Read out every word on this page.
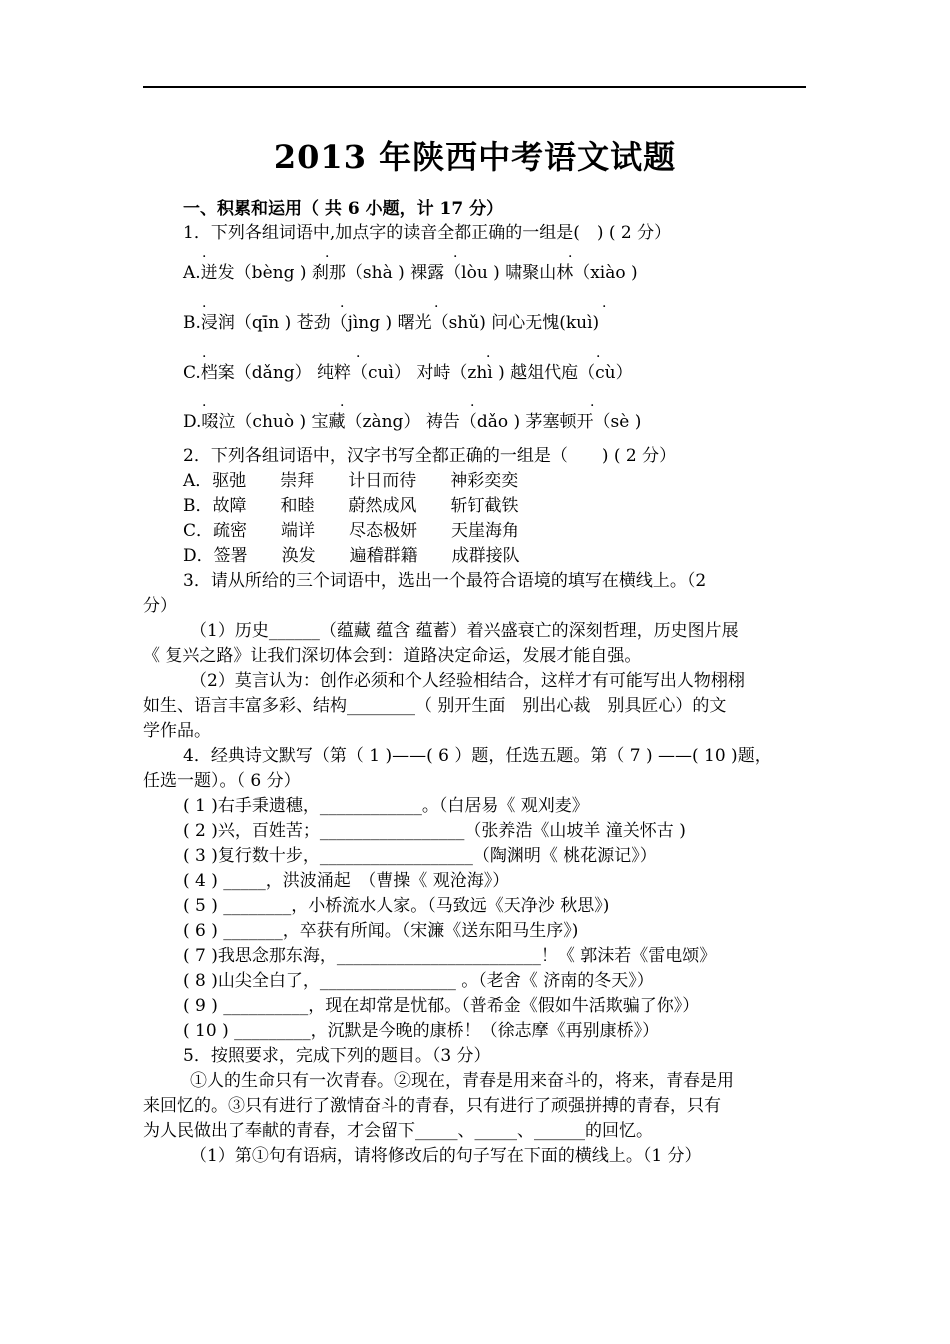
2013 年陕西中考语文试题
一、积累和运用（ 共 6 小题，计 17 分）
1．下列各组词语中,加点字的读音全都正确的一组是(　) ( 2 分）
A.迸发（bèng ) 刹那（shà ) 裸露（lòu ) 啸聚山林（xiào )
·	·	·	·
B.浸润（qīn ) 苍劲（jìng ) 曙光（shǔ) 问心无愧(kuì)
·	·	·	·
C.档案（dǎng） 纯粹（cuì） 对峙（zhì ) 越俎代庖（cù）
·	·	·	·
D.啜泣（chuò ) 宝藏（zàng） 祷告（dǎo ) 茅塞顿开（sè )
·	·	·	·
2．下列各组词语中，汉字书写全都正确的一组是（　　) ( 2 分）
A．驱弛　　崇拜　　计日而待　　神彩奕奕
B．故障　　和睦　　蔚然成风　　斩钉截铁
C．疏密　　端详　　尽态极妍　　天崖海角
D．签署　　涣发　　遍稽群籍　　成群接队
3．请从所给的三个词语中，选出一个最符合语境的填写在横线上。（2
分）
（1）历史______（蕴藏 蕴含 蕴蓄）着兴盛衰亡的深刻哲理，历史图片展
《 复兴之路》让我们深切体会到：道路决定命运，发展才能自强。
（2）莫言认为：创作必须和个人经验相结合，这样才有可能写出人物栩栩
如生、语言丰富多彩、结构________（ 别开生面　别出心裁　别具匠心）的文
学作品。
4．经典诗文默写（第（ 1 )——( 6 ）题，任选五题。第（ 7 ) ——( 10 )题，
任选一题）。（ 6 分）
( 1 )右手秉遗穗，____________。（白居易《 观刈麦》
( 2 )兴，百姓苦；_________________（张养浩《山坡羊 潼关怀古 )
( 3 )复行数十步，__________________（陶渊明《 桃花源记》）
( 4 ) _____，洪波涌起　（曹操《 观沧海》）
( 5 ) ________，小桥流水人家。（马致远《天净沙 秋思》)
( 6 ) _______，卒获有所闻。（宋濂《送东阳马生序》)
( 7 )我思念那东海，________________________！《 郭沫若《雷电颂》
( 8 )山尖全白了，________________ 。（老舍《 济南的冬天》）
( 9 ) __________，现在却常是忧郁。（普希金《假如牛活欺骗了你》）
( 10 ) _________，沉默是今晚的康桥！（徐志摩《再别康桥》）
5．按照要求，完成下列的题目。（3 分）
①人的生命只有一次青春。②现在，青春是用来奋斗的，将来，青春是用
来回忆的。③只有进行了激情奋斗的青春，只有进行了顽强拼搏的青春，只有
为人民做出了奉献的青春，才会留下_____、_____、______的回忆。
（1）第①句有语病，请将修改后的句子写在下面的横线上。（1 分）
